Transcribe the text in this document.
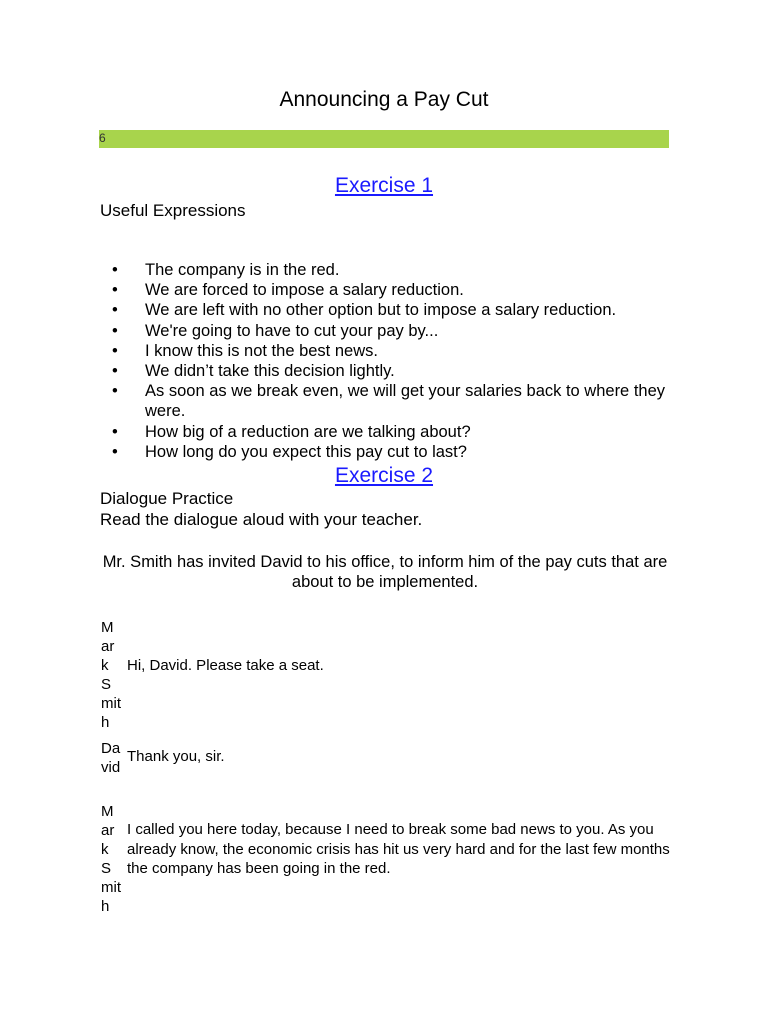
Announcing a Pay Cut
6
Exercise 1
Useful Expressions
• The company is in the red.
• We are forced to impose a salary reduction.
• We are left with no other option but to impose a salary reduction.
• We're going to have to cut your pay by...
• I know this is not the best news.
• We didn’t take this decision lightly.
• As soon as we break even, we will get your salaries back to where they were.
• How big of a reduction are we talking about?
• How long do you expect this pay cut to last?
Exercise 2
Dialogue Practice
Read the dialogue aloud with your teacher.
Mr. Smith has invited David to his office, to inform him of the pay cuts that are about to be implemented.
Mark Smith
Hi, David. Please take a seat.
David
Thank you, sir.
Mark Smith
I called you here today, because I need to break some bad news to you. As you already know, the economic crisis has hit us very hard and for the last few months the company has been going in the red.
